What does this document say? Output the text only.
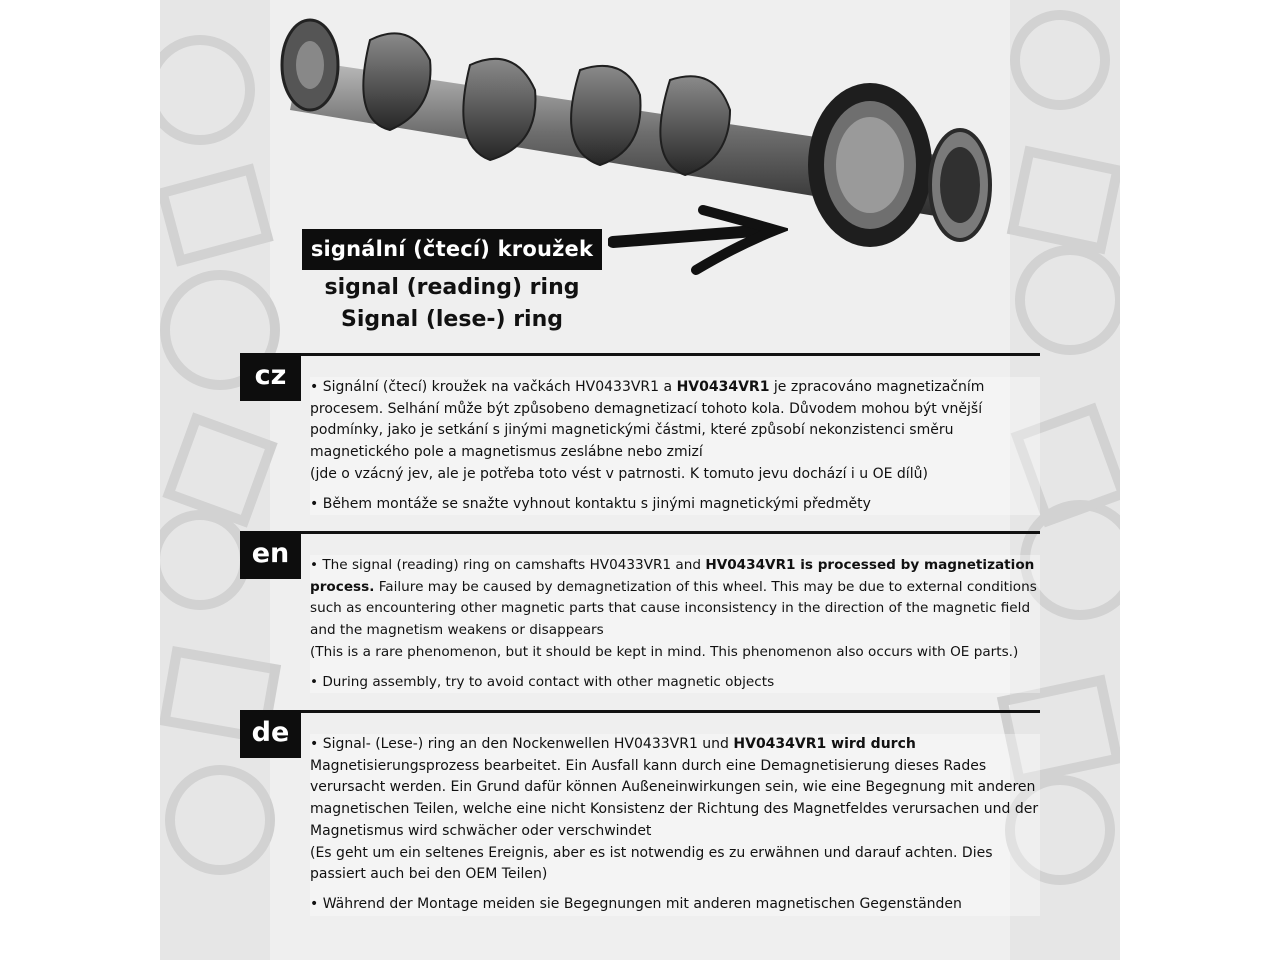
signální (čtecí) kroužek
signal (reading) ring
Signal (lese-) ring
cz	• Signální (čtecí) kroužek na vačkách HV0433VR1 a HV0434VR1 je zpracováno magnetizačním procesem. Selhání může být způsobeno demagnetizací tohoto kola. Důvodem mohou být vnější podmínky, jako je setkání s jinými magnetickými částmi, které způsobí nekonzistenci směru magnetického pole a magnetismus zeslábne nebo zmizí

(jde o vzácný jev, ale je potřeba toto vést v patrnosti. K tomuto jevu dochází i u OE dílů)

• Během montáže se snažte vyhnout kontaktu s jinými magnetickými předměty

en	• The signal (reading) ring on camshafts HV0433VR1 and HV0434VR1 is processed by magnetization process. Failure may be caused by demagnetization of this wheel. This may be due to external conditions such as encountering other magnetic parts that cause inconsistency in the direction of the magnetic field and the magnetism weakens or disappears

(This is a rare phenomenon, but it should be kept in mind. This phenomenon also occurs with OE parts.)

• During assembly, try to avoid contact with other magnetic objects

de	• Signal- (Lese-) ring an den Nockenwellen HV0433VR1 und HV0434VR1 wird durch Magnetisierungsprozess bearbeitet. Ein Ausfall kann durch eine Demagnetisierung dieses Rades verursacht werden. Ein Grund dafür können Außeneinwirkungen sein, wie eine Begegnung mit anderen magnetischen Teilen, welche eine nicht Konsistenz der Richtung des Magnetfeldes verursachen und der Magnetismus wird schwächer oder verschwindet

(Es geht um ein seltenes Ereignis, aber es ist notwendig es zu erwähnen und darauf achten. Dies passiert auch bei den OEM Teilen)

• Während der Montage meiden sie Begegnungen mit anderen magnetischen Gegenständen
